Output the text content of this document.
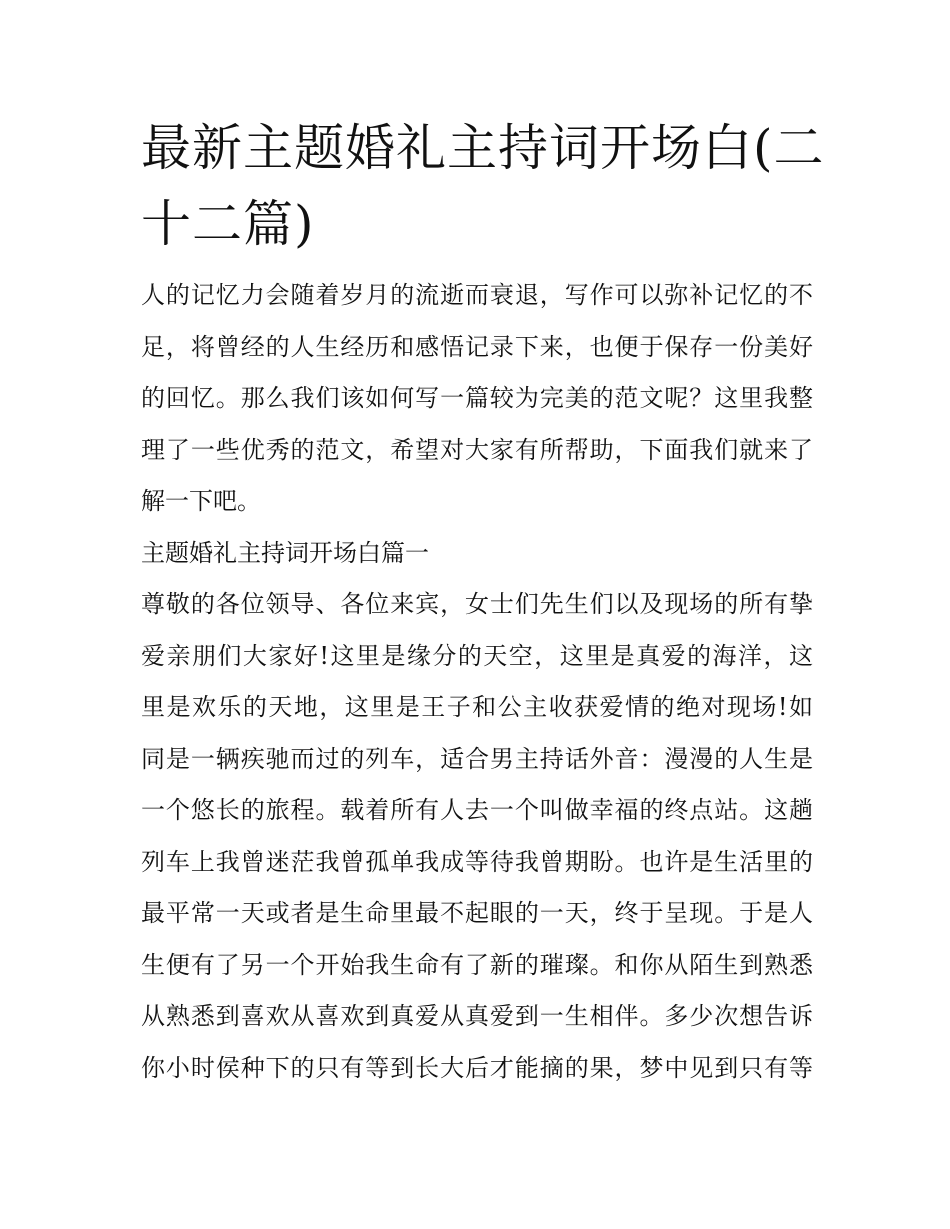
最新主题婚礼主持词开场白(二
十二篇)
人的记忆力会随着岁月的流逝而衰退，写作可以弥补记忆的不
足，将曾经的人生经历和感悟记录下来，也便于保存一份美好
的回忆。那么我们该如何写一篇较为完美的范文呢？这里我整
理了一些优秀的范文，希望对大家有所帮助，下面我们就来了
解一下吧。
主题婚礼主持词开场白篇一
尊敬的各位领导、各位来宾，女士们先生们以及现场的所有挚
爱亲朋们大家好!这里是缘分的天空，这里是真爱的海洋，这
里是欢乐的天地，这里是王子和公主收获爱情的绝对现场!如
同是一辆疾驰而过的列车，适合男主持话外音：漫漫的人生是
一个悠长的旅程。载着所有人去一个叫做幸福的终点站。这趟
列车上我曾迷茫我曾孤单我成等待我曾期盼。也许是生活里的
最平常一天或者是生命里最不起眼的一天，终于呈现。于是人
生便有了另一个开始我生命有了新的璀璨。和你从陌生到熟悉
从熟悉到喜欢从喜欢到真爱从真爱到一生相伴。多少次想告诉
你小时侯种下的只有等到长大后才能摘的果，梦中见到只有等
